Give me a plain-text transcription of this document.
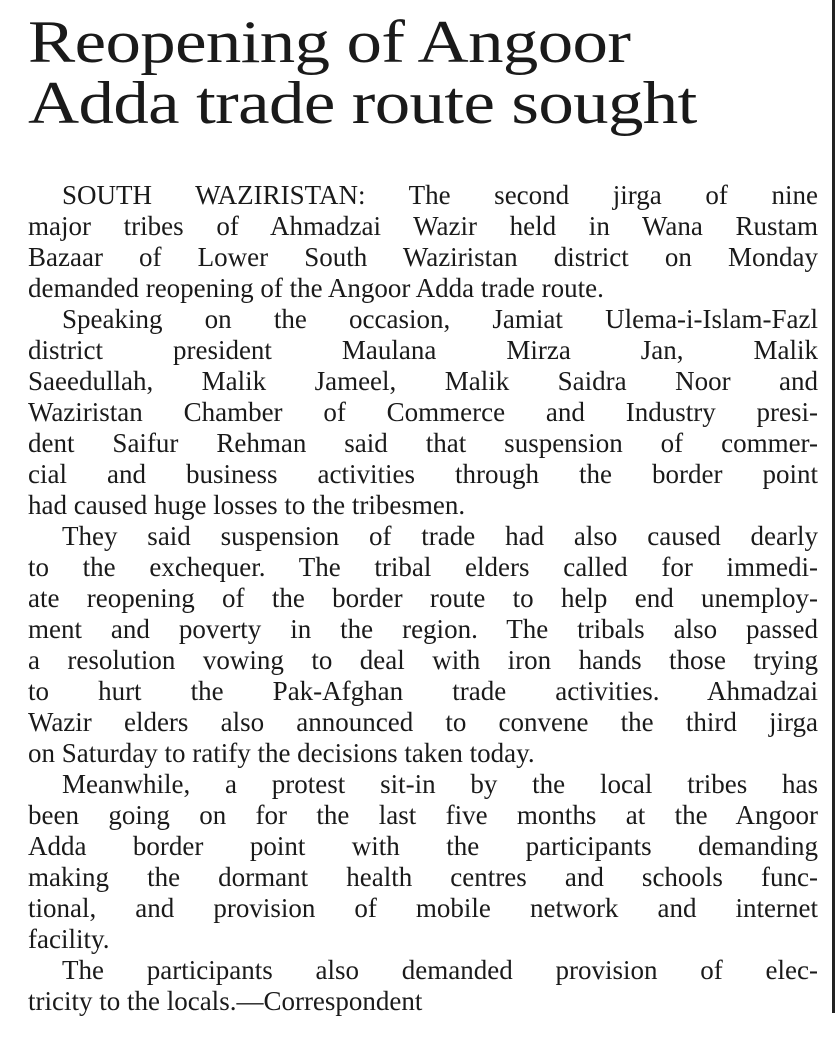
Reopening of Angoor
Adda trade route sought
SOUTH WAZIRISTAN: The second jirga of nine
major tribes of Ahmadzai Wazir held in Wana Rustam
Bazaar of Lower South Waziristan district on Monday
demanded reopening of the Angoor Adda trade route.
Speaking on the occasion, Jamiat Ulema-i-Islam-Fazl
district president Maulana Mirza Jan, Malik
Saeedullah, Malik Jameel, Malik Saidra Noor and
Waziristan Chamber of Commerce and Industry presi-
dent Saifur Rehman said that suspension of commer-
cial and business activities through the border point
had caused huge losses to the tribesmen.
They said suspension of trade had also caused dearly
to the exchequer. The tribal elders called for immedi-
ate reopening of the border route to help end unemploy-
ment and poverty in the region. The tribals also passed
a resolution vowing to deal with iron hands those trying
to hurt the Pak-Afghan trade activities. Ahmadzai
Wazir elders also announced to convene the third jirga
on Saturday to ratify the decisions taken today.
Meanwhile, a protest sit-in by the local tribes has
been going on for the last five months at the Angoor
Adda border point with the participants demanding
making the dormant health centres and schools func-
tional, and provision of mobile network and internet
facility.
The participants also demanded provision of elec-
tricity to the locals.—Correspondent
